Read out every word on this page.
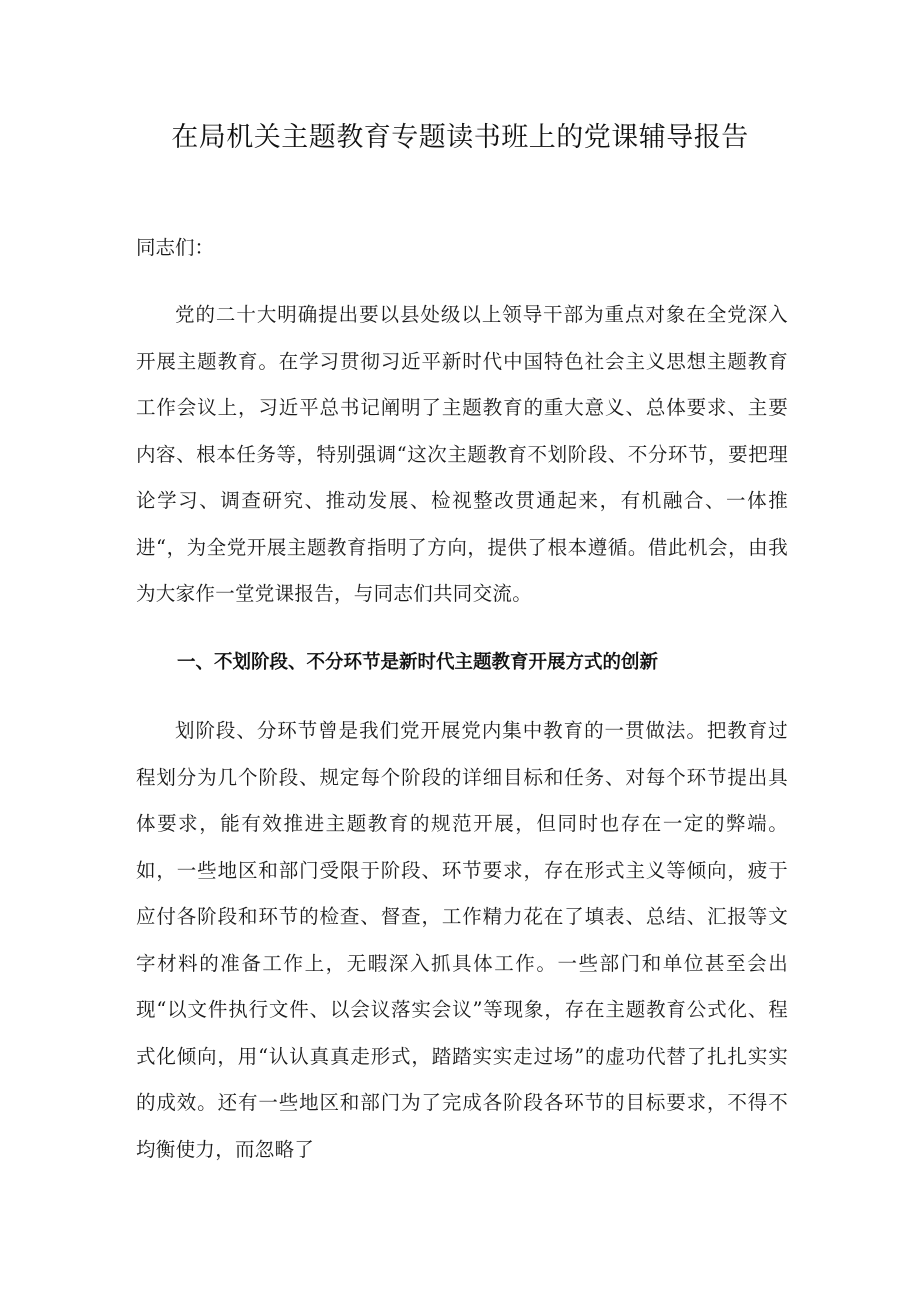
在局机关主题教育专题读书班上的党课辅导报告

同志们：

党的二十大明确提出要以县处级以上领导干部为重点对象在全党深入开展主题教育。在学习贯彻习近平新时代中国特色社会主义思想主题教育工作会议上，习近平总书记阐明了主题教育的重大意义、总体要求、主要内容、根本任务等，特别强调“这次主题教育不划阶段、不分环节，要把理论学习、调查研究、推动发展、检视整改贯通起来，有机融合、一体推进“，为全党开展主题教育指明了方向，提供了根本遵循。借此机会，由我为大家作一堂党课报告，与同志们共同交流。

一、不划阶段、不分环节是新时代主题教育开展方式的创新

划阶段、分环节曾是我们党开展党内集中教育的一贯做法。把教育过程划分为几个阶段、规定每个阶段的详细目标和任务、对每个环节提出具体要求，能有效推进主题教育的规范开展，但同时也存在一定的弊端。如，一些地区和部门受限于阶段、环节要求，存在形式主义等倾向，疲于应付各阶段和环节的检查、督查，工作精力花在了填表、总结、汇报等文字材料的准备工作上，无暇深入抓具体工作。一些部门和单位甚至会出现“以文件执行文件、以会议落实会议”等现象，存在主题教育公式化、程式化倾向，用“认认真真走形式，踏踏实实走过场”的虚功代替了扎扎实实的成效。还有一些地区和部门为了完成各阶段各环节的目标要求，不得不均衡使力，而忽略了
